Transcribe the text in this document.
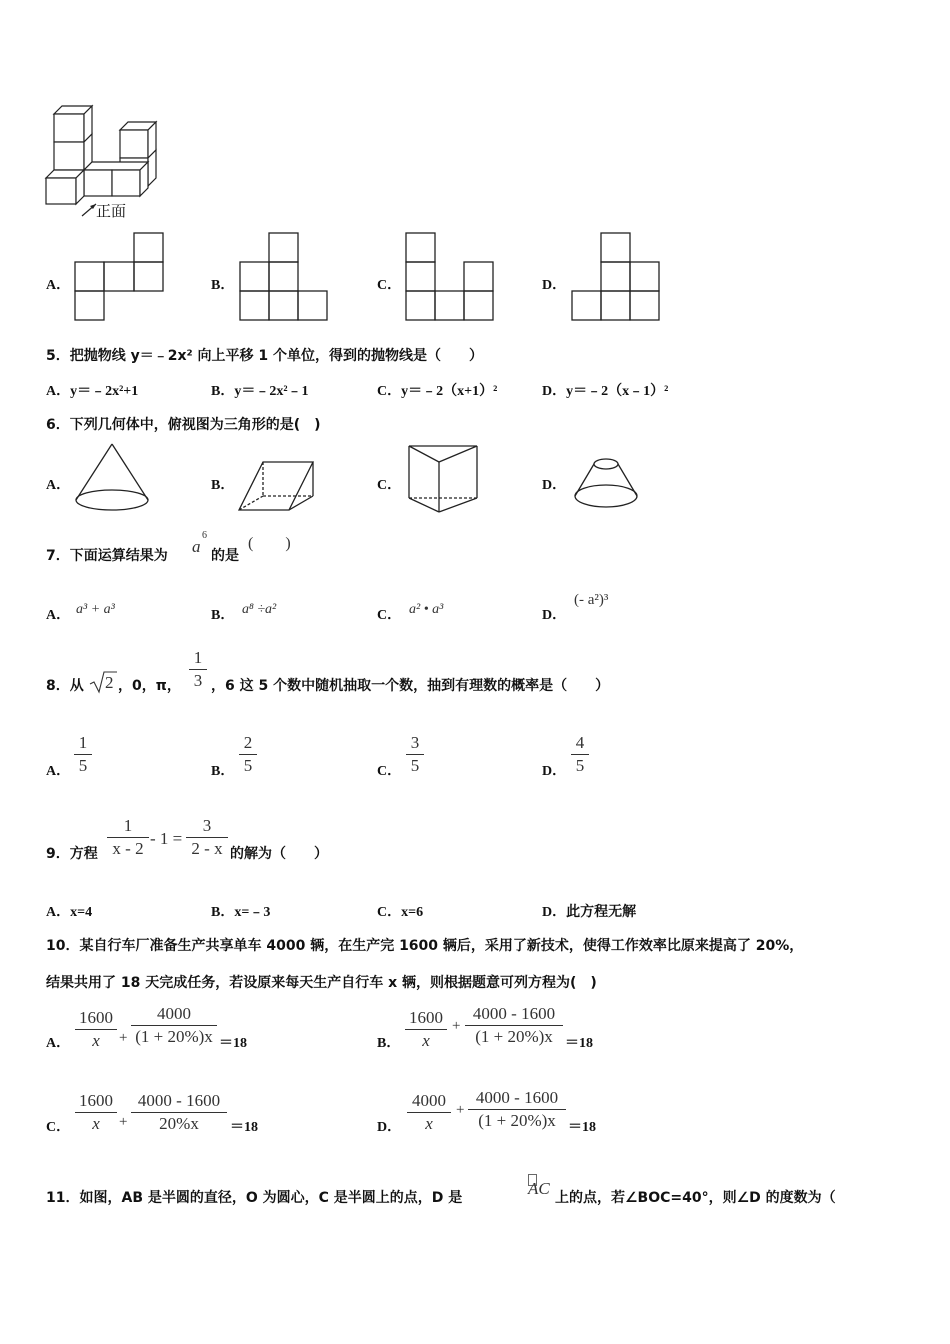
正面
A．	B．	C．	D．
5．把抛物线 y＝﹣2x² 向上平移 1 个单位，得到的抛物线是（　　）
A．y＝﹣2x²+1	B．y＝﹣2x²﹣1	C．y＝﹣2（x+1）²	D．y＝﹣2（x﹣1）²
6．下列几何体中，俯视图为三角形的是(　)
A．	B．	C．	D．
7．下面运算结果为 a
6
的是
(　　)
A． a³ + a³	B． a⁸ ÷a²	C． a² • a³	D．
(- a²)³
8．从 2 ，0，π，
1
3 ，6 这 5 个数中随机抽取一个数，抽到有理数的概率是（　　）
A．
1
5	B．
2
5	C．
3
5	D．
4
5
9．方程
1
x - 2
- 1 =
3
2 - x 的解为（　　）
A．x=4	B．x=﹣3	C．x=6	D．此方程无解
10．某自行车厂准备生产共享单车 4000 辆，在生产完 1600 辆后，采用了新技术，使得工作效率比原来提高了 20%，
结果共用了 18 天完成任务，若设原来每天生产自行车 x 辆，则根据题意可列方程为(　)
A．
1600
x	+
4000
(1 + 20%)x ＝18	B．
1600
x
+
4000 - 1600
(1 + 20%)x ＝18
C．
1600
x	+
4000 - 1600
20%x	＝18	D．
4000
x
+
4000 - 1600
(1 + 20%)x ＝18
11．如图，AB 是半圆的直径，O 为圆心，C 是半圆上的点，D 是	AC 上的点，若∠BOC=40°，则∠D 的度数为（
